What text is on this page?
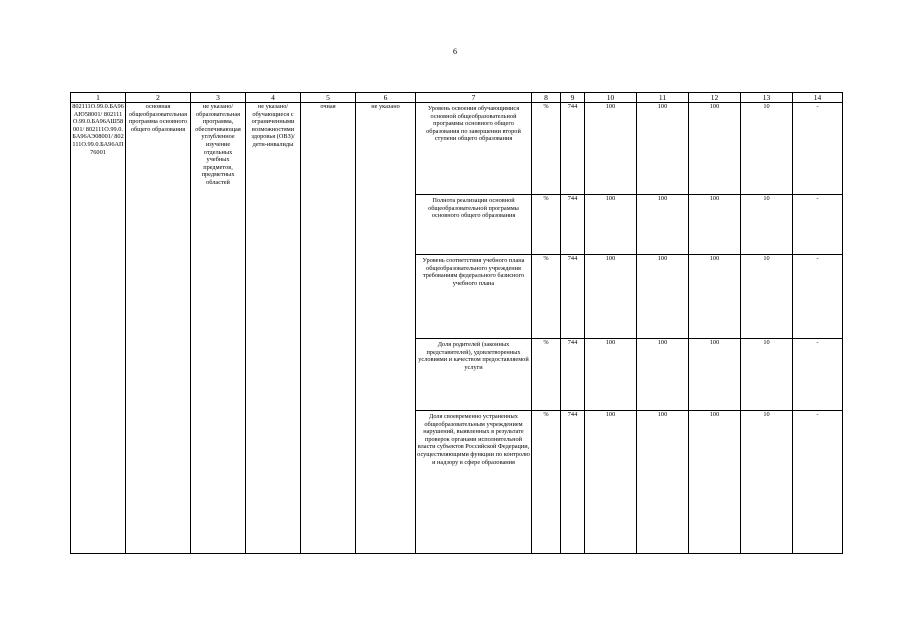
6
1	2	3	4	5	6	7	8	9	10	11	12	13	14
802111О.99.0.БА96АЮ58001/ 802111О.99.0.БА96АШ58001/ 802111О.99.0.БА96АЭ08001/ 802111О.99.0.БА96АП76001	основная общеобразовательная программа основного общего образования	не указано/ образовательная программа, обеспечивающая углубленное изучение отдельных учебных предметов, предметных областей	не указано/ обучающиеся с ограниченными возможностями здоровья (ОВЗ)/ дети-инвалиды	очная	не указано	Уровень освоения обучающимися основной общеобразовательной программы основного общего образования по завершении второй ступени общего образования	%	744	100	100	100	10	-
						Полнота реализации основной общеобразовательной программы основного общего образования	%	744	100	100	100	10	-
						Уровень соответствия учебного плана общеобразовательного учреждения требованиям федерального базисного учебного плана	%	744	100	100	100	10	-
						Доля родителей (законных представителей), удовлетворенных условиями и качеством предоставляемой услуги	%	744	100	100	100	10	-
						Доля своевременно устраненных общеобразовательным учреждением нарушений, выявленных в результате проверок органами исполнительной власти субъектов Российской Федерации, осуществляющими функции по контролю и надзору в сфере образования	%	744	100	100	100	10	-
